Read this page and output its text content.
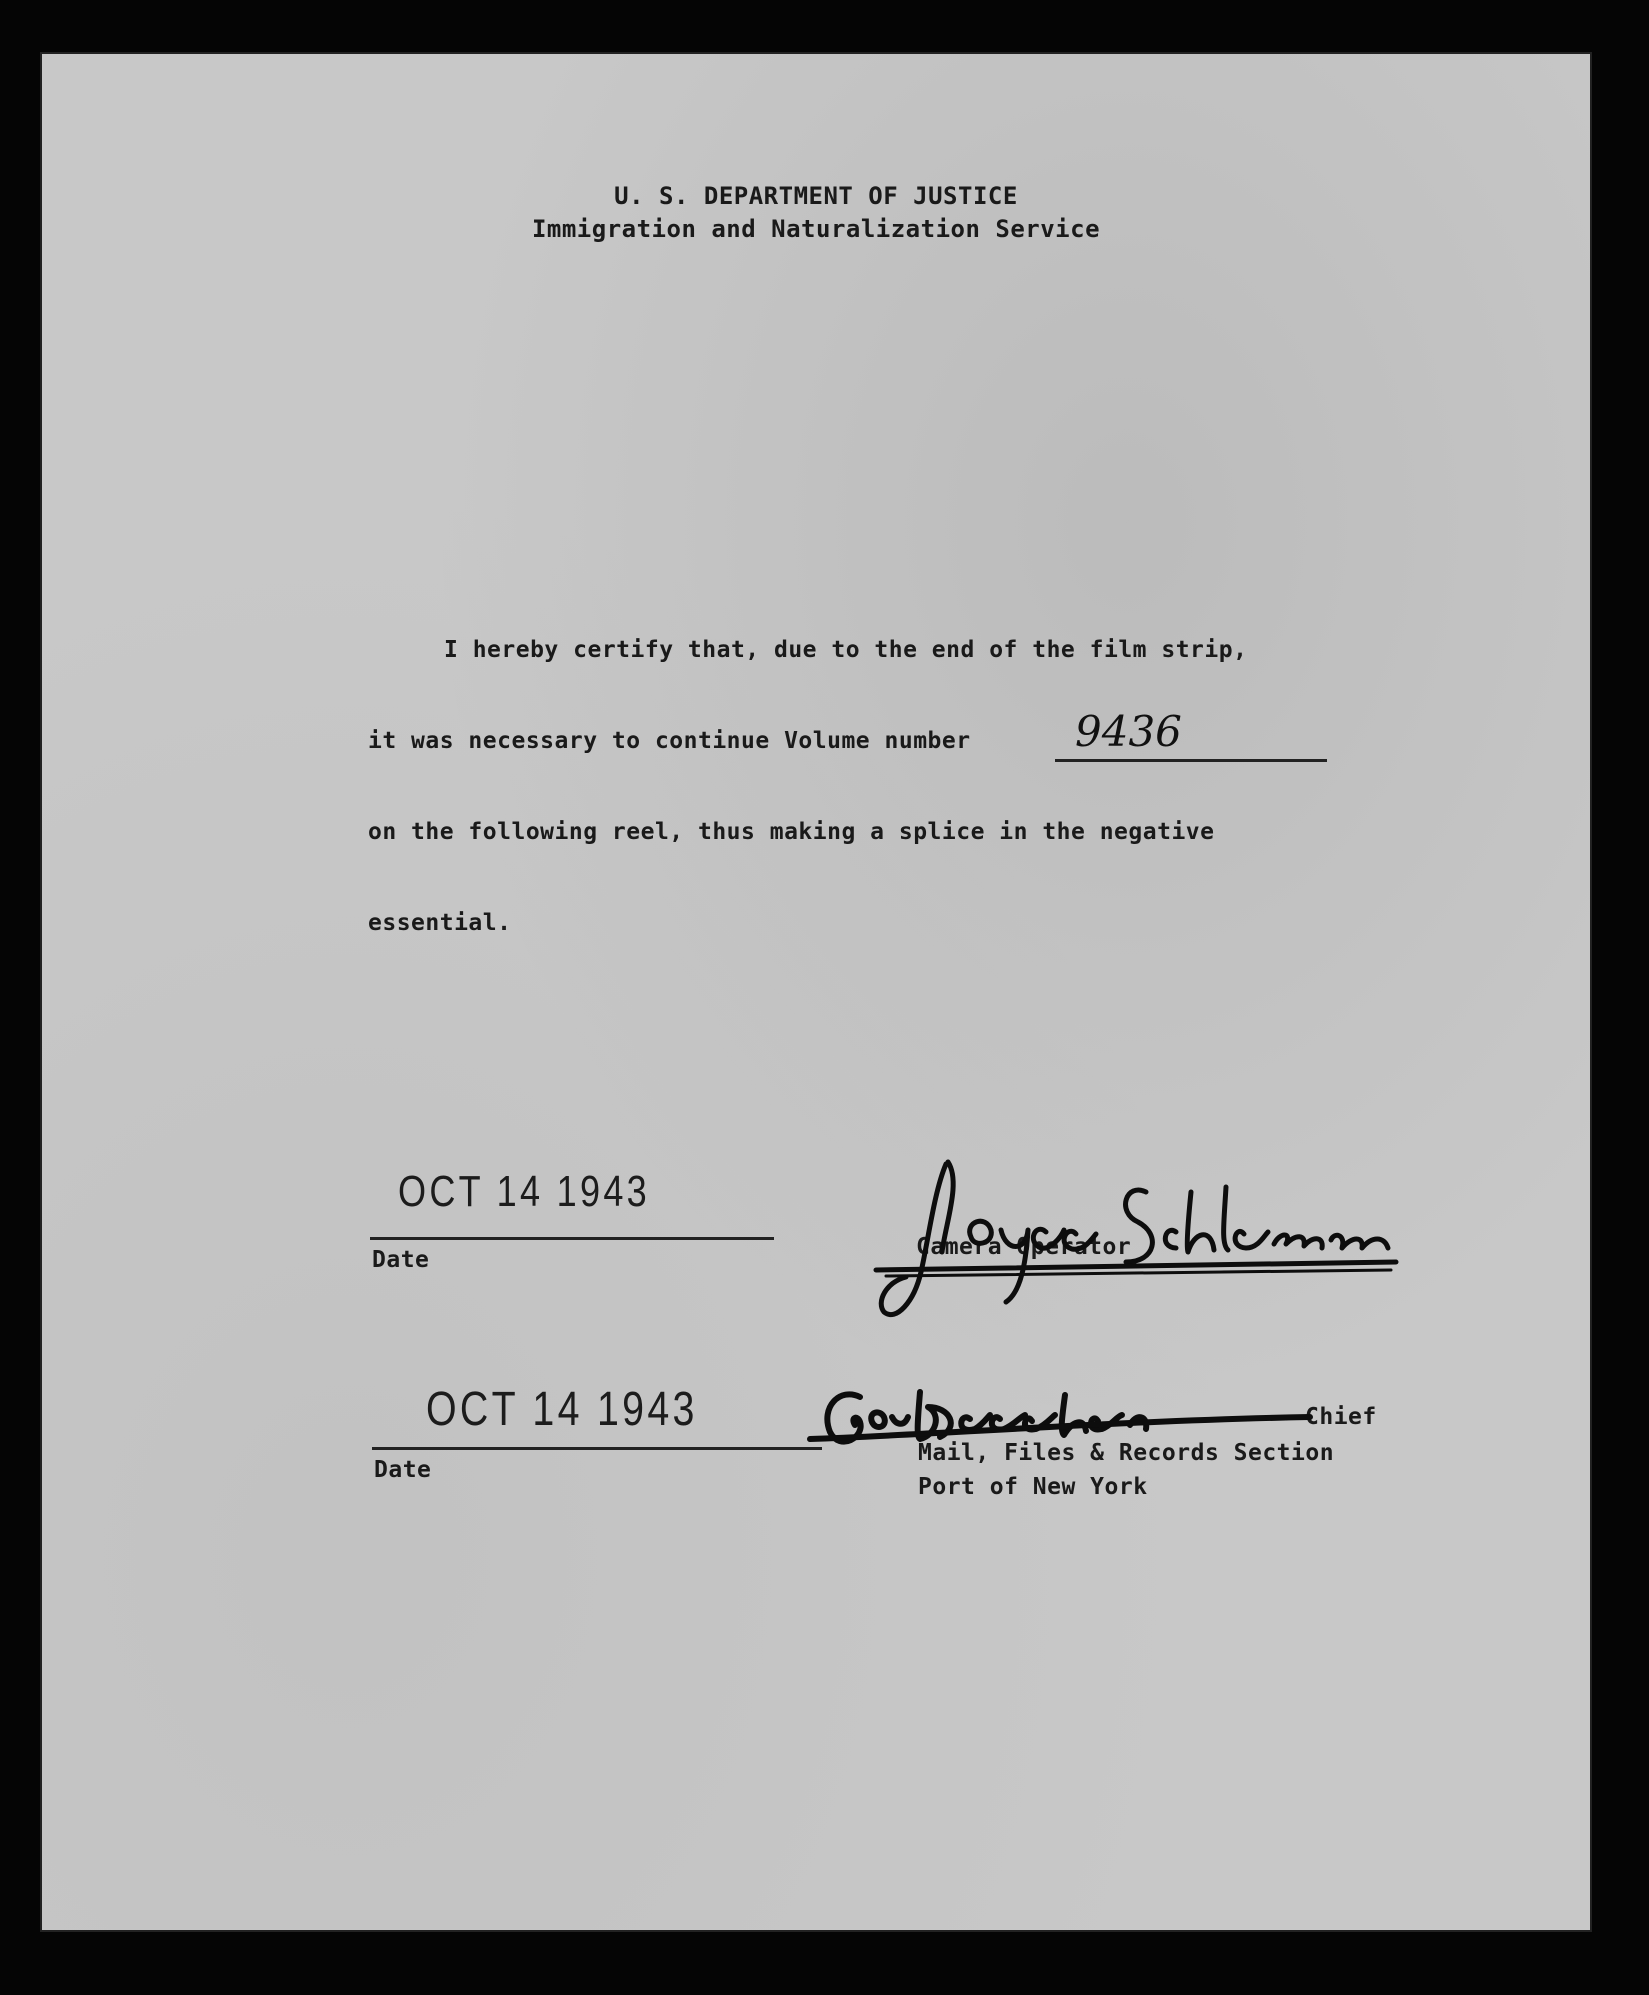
U. S. DEPARTMENT OF JUSTICE
Immigration and Naturalization Service
I hereby certify that, due to the end of the film strip,
it was necessary to continue Volume number 9436
on the following reel, thus making a splice in the negative
essential.
OCT 14 1943
Date	Camera Operator
OCT 14 1943
Date
Chief
Mail, Files & Records Section
Port of New York
